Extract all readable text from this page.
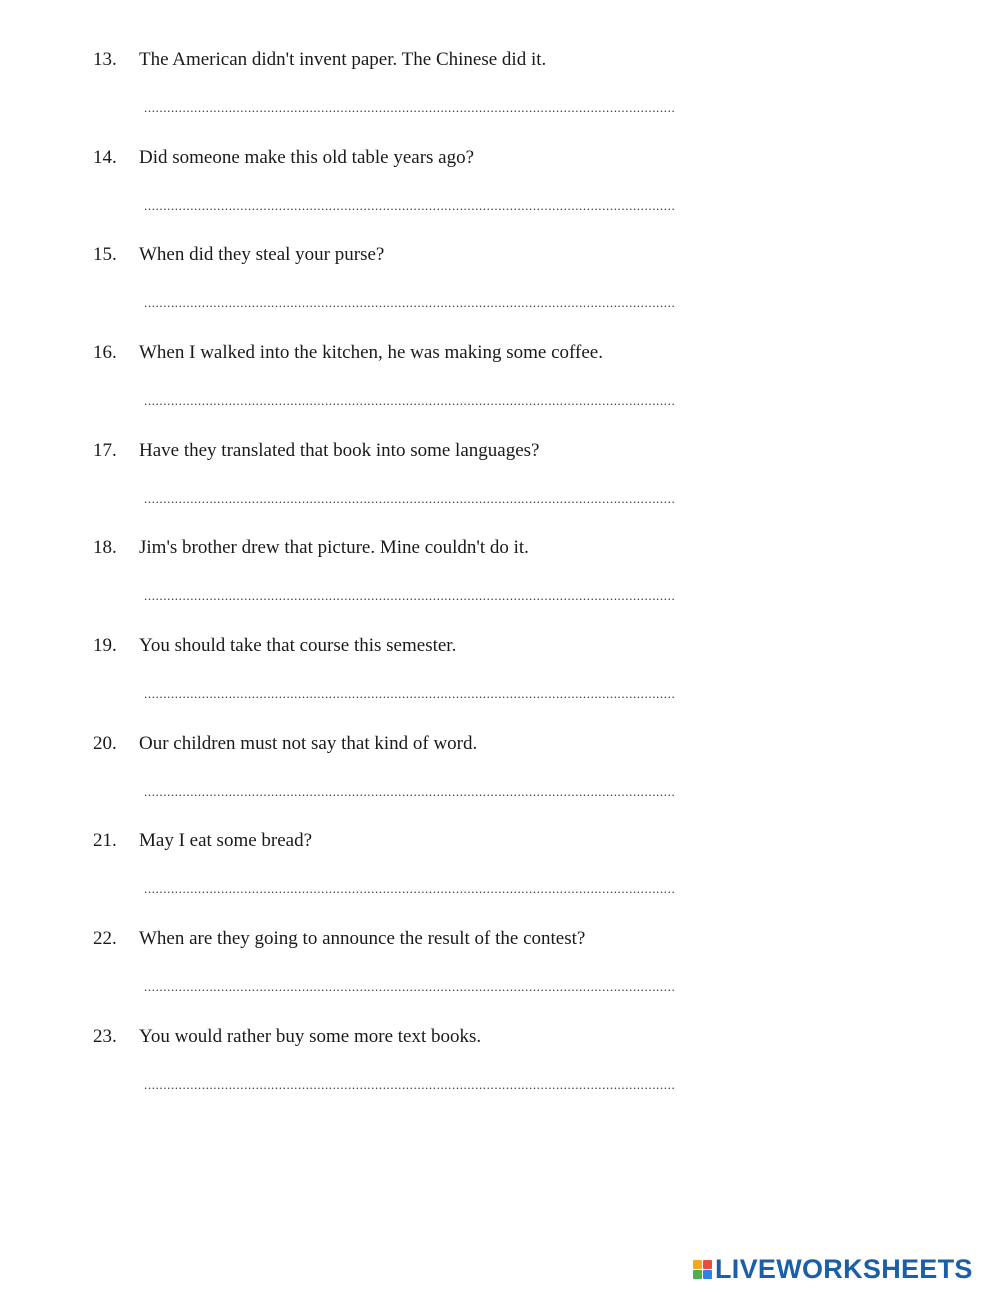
13. The American didn't invent paper. The Chinese did it.
..........................................................................................................................................
14. Did someone make this old table years ago?
..........................................................................................................................................
15. When did they steal your purse?
..........................................................................................................................................
16. When I walked into the kitchen, he was making some coffee.
..........................................................................................................................................
17. Have they translated that book into some languages?
..........................................................................................................................................
18. Jim's brother drew that picture. Mine couldn't do it.
..........................................................................................................................................
19. You should take that course this semester.
..........................................................................................................................................
20. Our children must not say that kind of word.
..........................................................................................................................................
21. May I eat some bread?
..........................................................................................................................................
22. When are they going to announce the result of the contest?
..........................................................................................................................................
23. You would rather buy some more text books.
..........................................................................................................................................
LIVEWORKSHEETS
